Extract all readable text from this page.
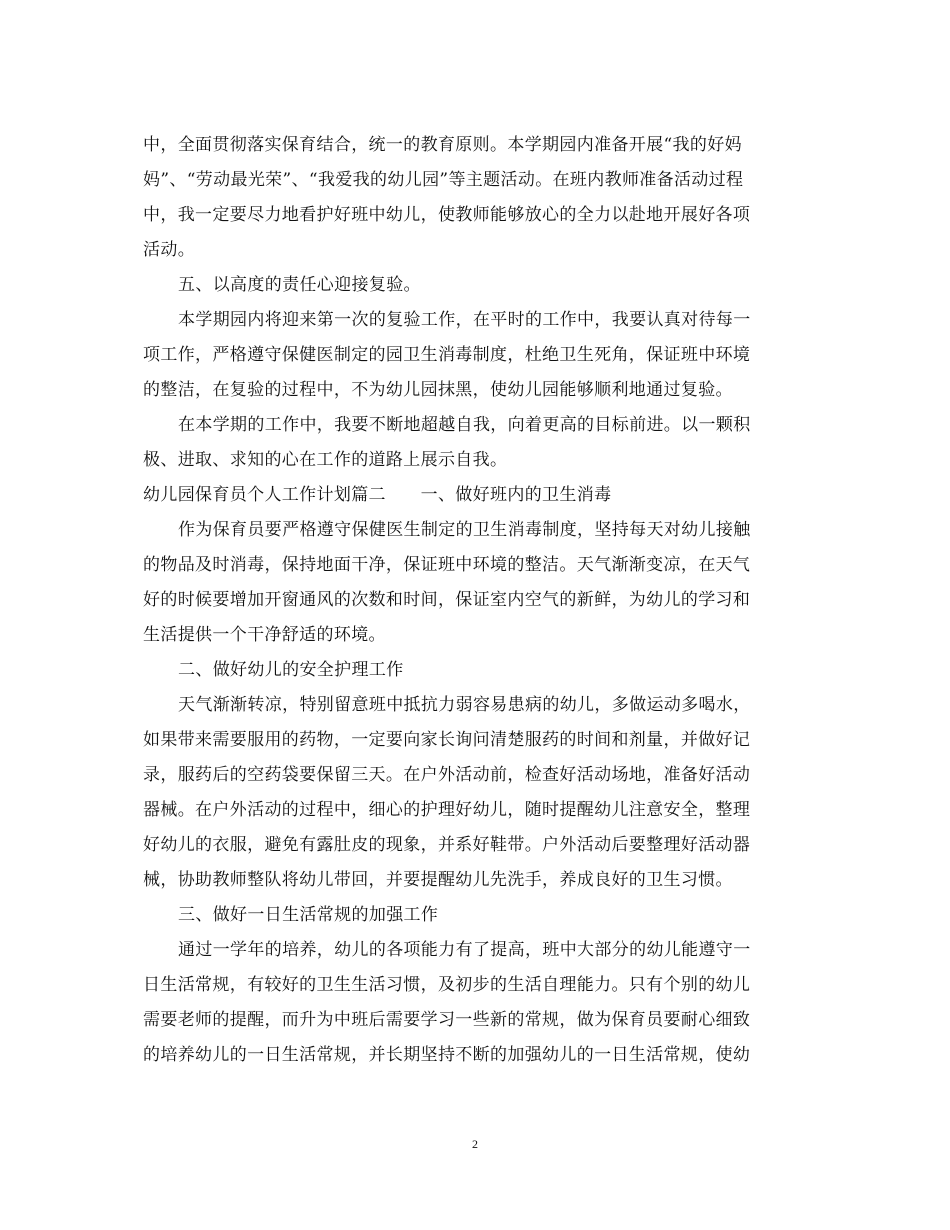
中，全面贯彻落实保育结合，统一的教育原则。本学期园内准备开展“我的好妈
妈”、“劳动最光荣”、“我爱我的幼儿园”等主题活动。在班内教师准备活动过程
中，我一定要尽力地看护好班中幼儿，使教师能够放心的全力以赴地开展好各项
活动。
五、以高度的责任心迎接复验。
本学期园内将迎来第一次的复验工作，在平时的工作中，我要认真对待每一
项工作，严格遵守保健医制定的园卫生消毒制度，杜绝卫生死角，保证班中环境
的整洁，在复验的过程中，不为幼儿园抹黑，使幼儿园能够顺利地通过复验。
在本学期的工作中，我要不断地超越自我，向着更高的目标前进。以一颗积
极、进取、求知的心在工作的道路上展示自我。
幼儿园保育员个人工作计划篇二　　一、做好班内的卫生消毒
作为保育员要严格遵守保健医生制定的卫生消毒制度，坚持每天对幼儿接触
的物品及时消毒，保持地面干净，保证班中环境的整洁。天气渐渐变凉，在天气
好的时候要增加开窗通风的次数和时间，保证室内空气的新鲜，为幼儿的学习和
生活提供一个干净舒适的环境。
二、做好幼儿的安全护理工作
天气渐渐转凉，特别留意班中抵抗力弱容易患病的幼儿，多做运动多喝水，
如果带来需要服用的药物，一定要向家长询问清楚服药的时间和剂量，并做好记
录，服药后的空药袋要保留三天。在户外活动前，检查好活动场地，准备好活动
器械。在户外活动的过程中，细心的护理好幼儿，随时提醒幼儿注意安全，整理
好幼儿的衣服，避免有露肚皮的现象，并系好鞋带。户外活动后要整理好活动器
械，协助教师整队将幼儿带回，并要提醒幼儿先洗手，养成良好的卫生习惯。
三、做好一日生活常规的加强工作
通过一学年的培养，幼儿的各项能力有了提高，班中大部分的幼儿能遵守一
日生活常规，有较好的卫生生活习惯，及初步的生活自理能力。只有个别的幼儿
需要老师的提醒，而升为中班后需要学习一些新的常规，做为保育员要耐心细致
的培养幼儿的一日生活常规，并长期坚持不断的加强幼儿的一日生活常规，使幼
2
